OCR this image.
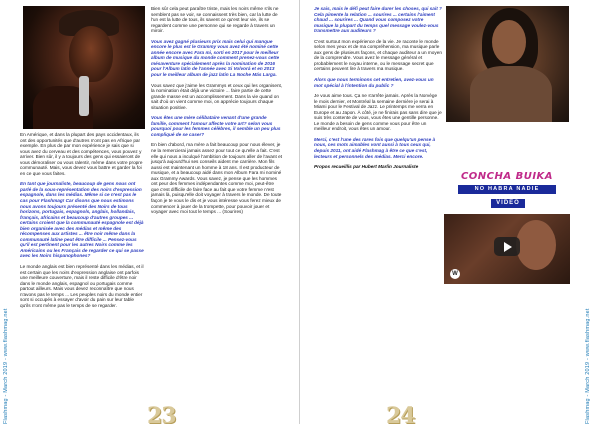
En Amérique, et dans la plupart des pays occidentaux, ils ont des opportunités que d'autres n'ont pas en Afrique par exemple. En plus de par mon expérience je sais que si vous avez du cerveau et des compétences, vous pouvez y arriver. Bien sûr, il y a toujours des gens qui essaieront de vous démoraliser ou vous ralentir, même dans votre propre communauté. Mais, vous devez vous battre et garder la foi en ce que vous faites.

En tant que journaliste, beaucoup de gens nous ont parlé de la sous-représentation des noirs d'expression espagnole, dans les médias. Même si ce n'est pas le cas pour Flashmag! Car disons que nous estimons nous avons toujours présenté des Noirs de tous horizons, portugais, espagnols, anglais, hollandais, français, africains et beaucoup d'autres groupes ... certains croient que la communauté espagnole est déjà bien organisée avec des médias et même des récompenses aux artistes ... être noir même dans la communauté latine peut être difficile ... Pensez-vous qu'il est pertinent pour les autres Noirs comme les Américains ou les Français de regarder ce qui se passe avec les Noirs hispanophones?

Le monde anglais est bien représenté dans les médias, et il est certain que les noirs d'expression anglaise ont parfois une meilleure couverture, mais il reste difficile d'être noir dans le monde anglais, espagnol ou portugais comme partout ailleurs. Mais vous devez reconnaître que nous n'avons pas le temps ... Les peuples noirs du monde entier sont si occupés à essayer d'avoir du pain sur leur table qu'ils n'ont même pas le temps de se regarder.

Bien sûr cela peut paraître triste, mais les noirs même s'ils ne semblent pas se voir, se connaissent très bien, car la lutte de l'un est la lutte de tous, ils savent ce qu'est leur vie, ils se regardent comme une personne qui se regarde à travers un miroir.

Vous avez gagné plusieurs prix mais celui qui manque encore le plus est le Grammy vous avez été nominé cette année encore avec Fara mi, sorti en 2017 pour le meilleur album de musique du monde comment prenez-vous cette mésaventure spécialement après la nomination de 2016 pour l'Album latin de l'année avec Si Volvorá et en 2013 pour le meilleur album de jazz latin La Noche Más Larga.

Vous savez que j'aime les Grammys et ceux qui les organisent, la nomination était déjà une victoire ... faire partie de cette grande masse est un accomplissement. Dans la vie quand on sait d'où on vient comme moi, on apprécie toujours chaque situation positive.

Vous êtes une mère célibataire venant d'une grande famille, comment l'amour affecte votre art? selon vous pourquoi pour les femmes célèbres, il semble un peu plus compliqué de se caser?

En bien d'abord, ma mère a fait beaucoup pour nous élever, je ne la remercierai jamais assez pour tout ce qu'elle a fait. C'est elle qui nous a inculqué l'ambition de toujours aller de l'avant et jusqu'à aujourd'hui ses conseils aident me carrière. Mon fils aussi est maintenant un homme à 18 ans. Il est producteur de musique, et a beaucoup aidé dans mon Album Fara mi nominé aux Grammy Awards. Vous savez, je pense que les hommes ont peur des femmes indépendantes comme moi, peut-être que c'est difficile de faire face au fait que votre femme n'est jamais là, puisqu'elle doit voyager à travers le monde. De toute façon je te vous le dis et je vous intéresse vous ferez mieux de commencer à jouer de la trompette, pour pouvoir jouer et voyager avec moi tout le temps ... (Sourires)

23
Flashmag - March 2019 - www.flashmag.net

Je sais, mais le défi peut faire durer les choses, qui sait ? Cela pimente la relation ... sourires ... certains l'aiment chaud ... sourires ... Quand vous composez votre musique la plupart du temps quel message voulez-vous transmettre aux auditeurs ?

C'est surtout mon expérience de la vie. Je raconte le monde selon mes yeux et de ma compréhension, ma musique parle aux gens de plusieurs façons, et chaque auditeur a un moyen de la comprendre. Vous avez le message général et probablement le noyau interne, ou le message secret que certains peuvent lire à travers ma musique.

Alors que nous terminons cet entretien, avez-vous un mot spécial à l'intention du public ?

Je vous aime tous. Ça ne s'arrête jamais. Après la Norvège le mois dernier, et Montréal la semaine dernière je serai à Miami pour le Festival de Jazz. Le printemps me verra en Europe et au Japon. À côté, je ne finirais pas sans dire que je suis très contente de vous, vous êtes une gentille personne. Le monde a besoin de gens comme vous pour être un meilleur endroit, vous êtes un amour.

Merci, c'est l'une des rares fois que quelqu'un pense à nous, ces mots aimables vont aussi à tous ceux qui, depuis 2011, ont aidé Flashmag à être ce que c'est, lecteurs et personnels des médias. Merci encore.

Propos recueillis par Hubert Marlin Journaliste

CONCHA BUIKA
NO HABRA NADIE
VIDEO
W
24	Flashmag - March 2019 - www.flashmag.net
